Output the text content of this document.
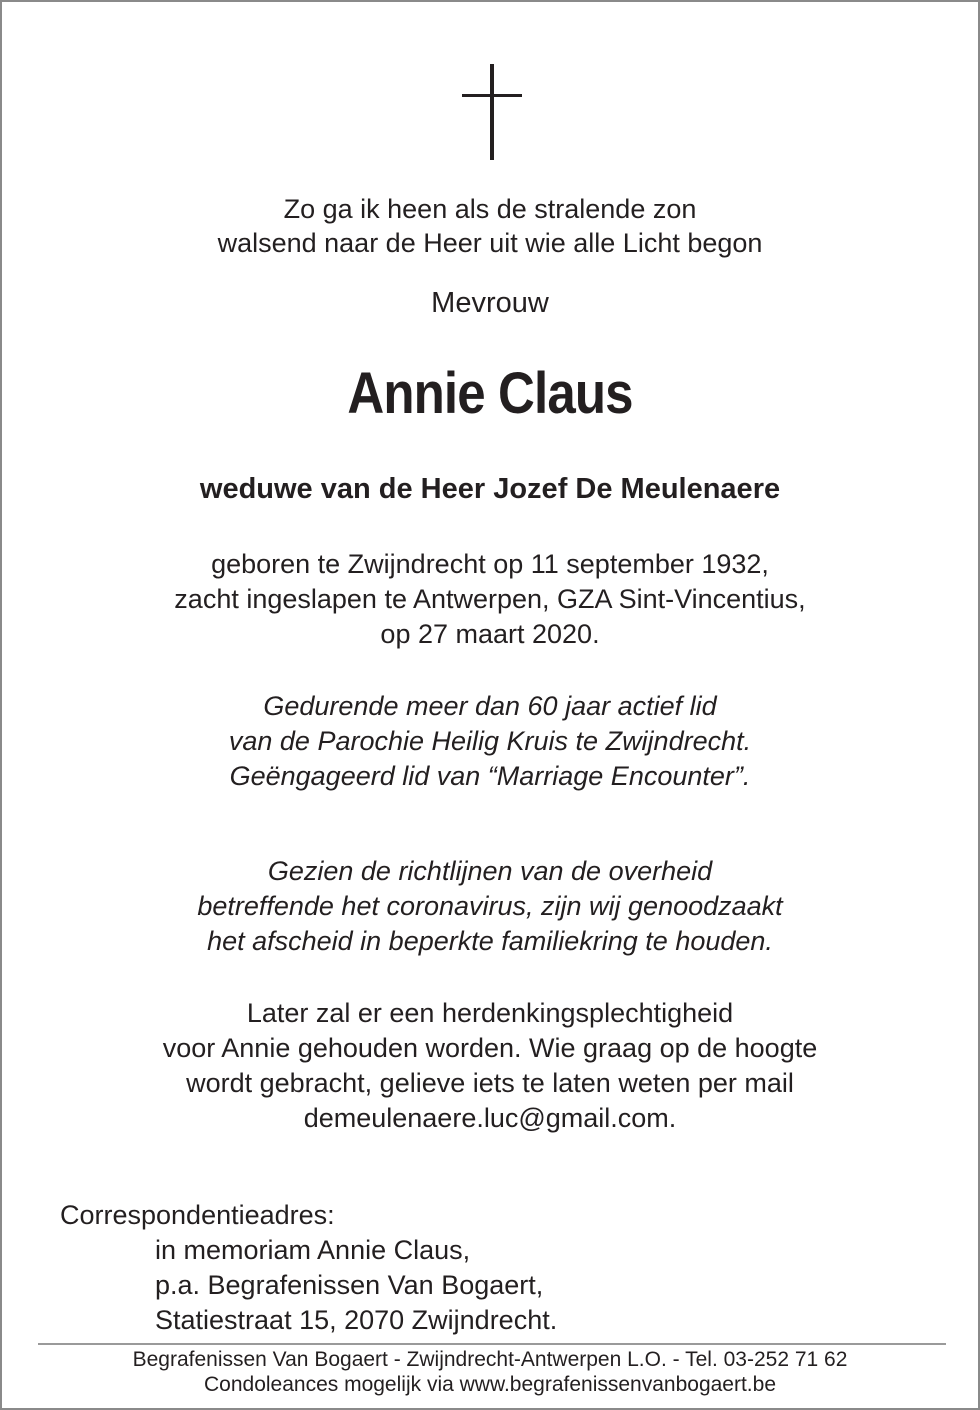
Zo ga ik heen als de stralende zon
walsend naar de Heer uit wie alle Licht begon
Mevrouw
Annie Claus
weduwe van de Heer Jozef De Meulenaere
geboren te Zwijndrecht op 11 september 1932,
zacht ingeslapen te Antwerpen, GZA Sint-Vincentius,
op 27 maart 2020.
Gedurende meer dan 60 jaar actief lid
van de Parochie Heilig Kruis te Zwijndrecht.
Geëngageerd lid van “Marriage Encounter”.
Gezien de richtlijnen van de overheid
betreffende het coronavirus, zijn wij genoodzaakt
het afscheid in beperkte familiekring te houden.
Later zal er een herdenkingsplechtigheid
voor Annie gehouden worden. Wie graag op de hoogte
wordt gebracht, gelieve iets te laten weten per mail
demeulenaere.luc@gmail.com.
Correspondentieadres:
in memoriam Annie Claus,
p.a. Begrafenissen Van Bogaert,
Statiestraat 15, 2070 Zwijndrecht.
Begrafenissen Van Bogaert - Zwijndrecht-Antwerpen L.O. - Tel. 03-252 71 62
Condoleances mogelijk via www.begrafenissenvanbogaert.be
